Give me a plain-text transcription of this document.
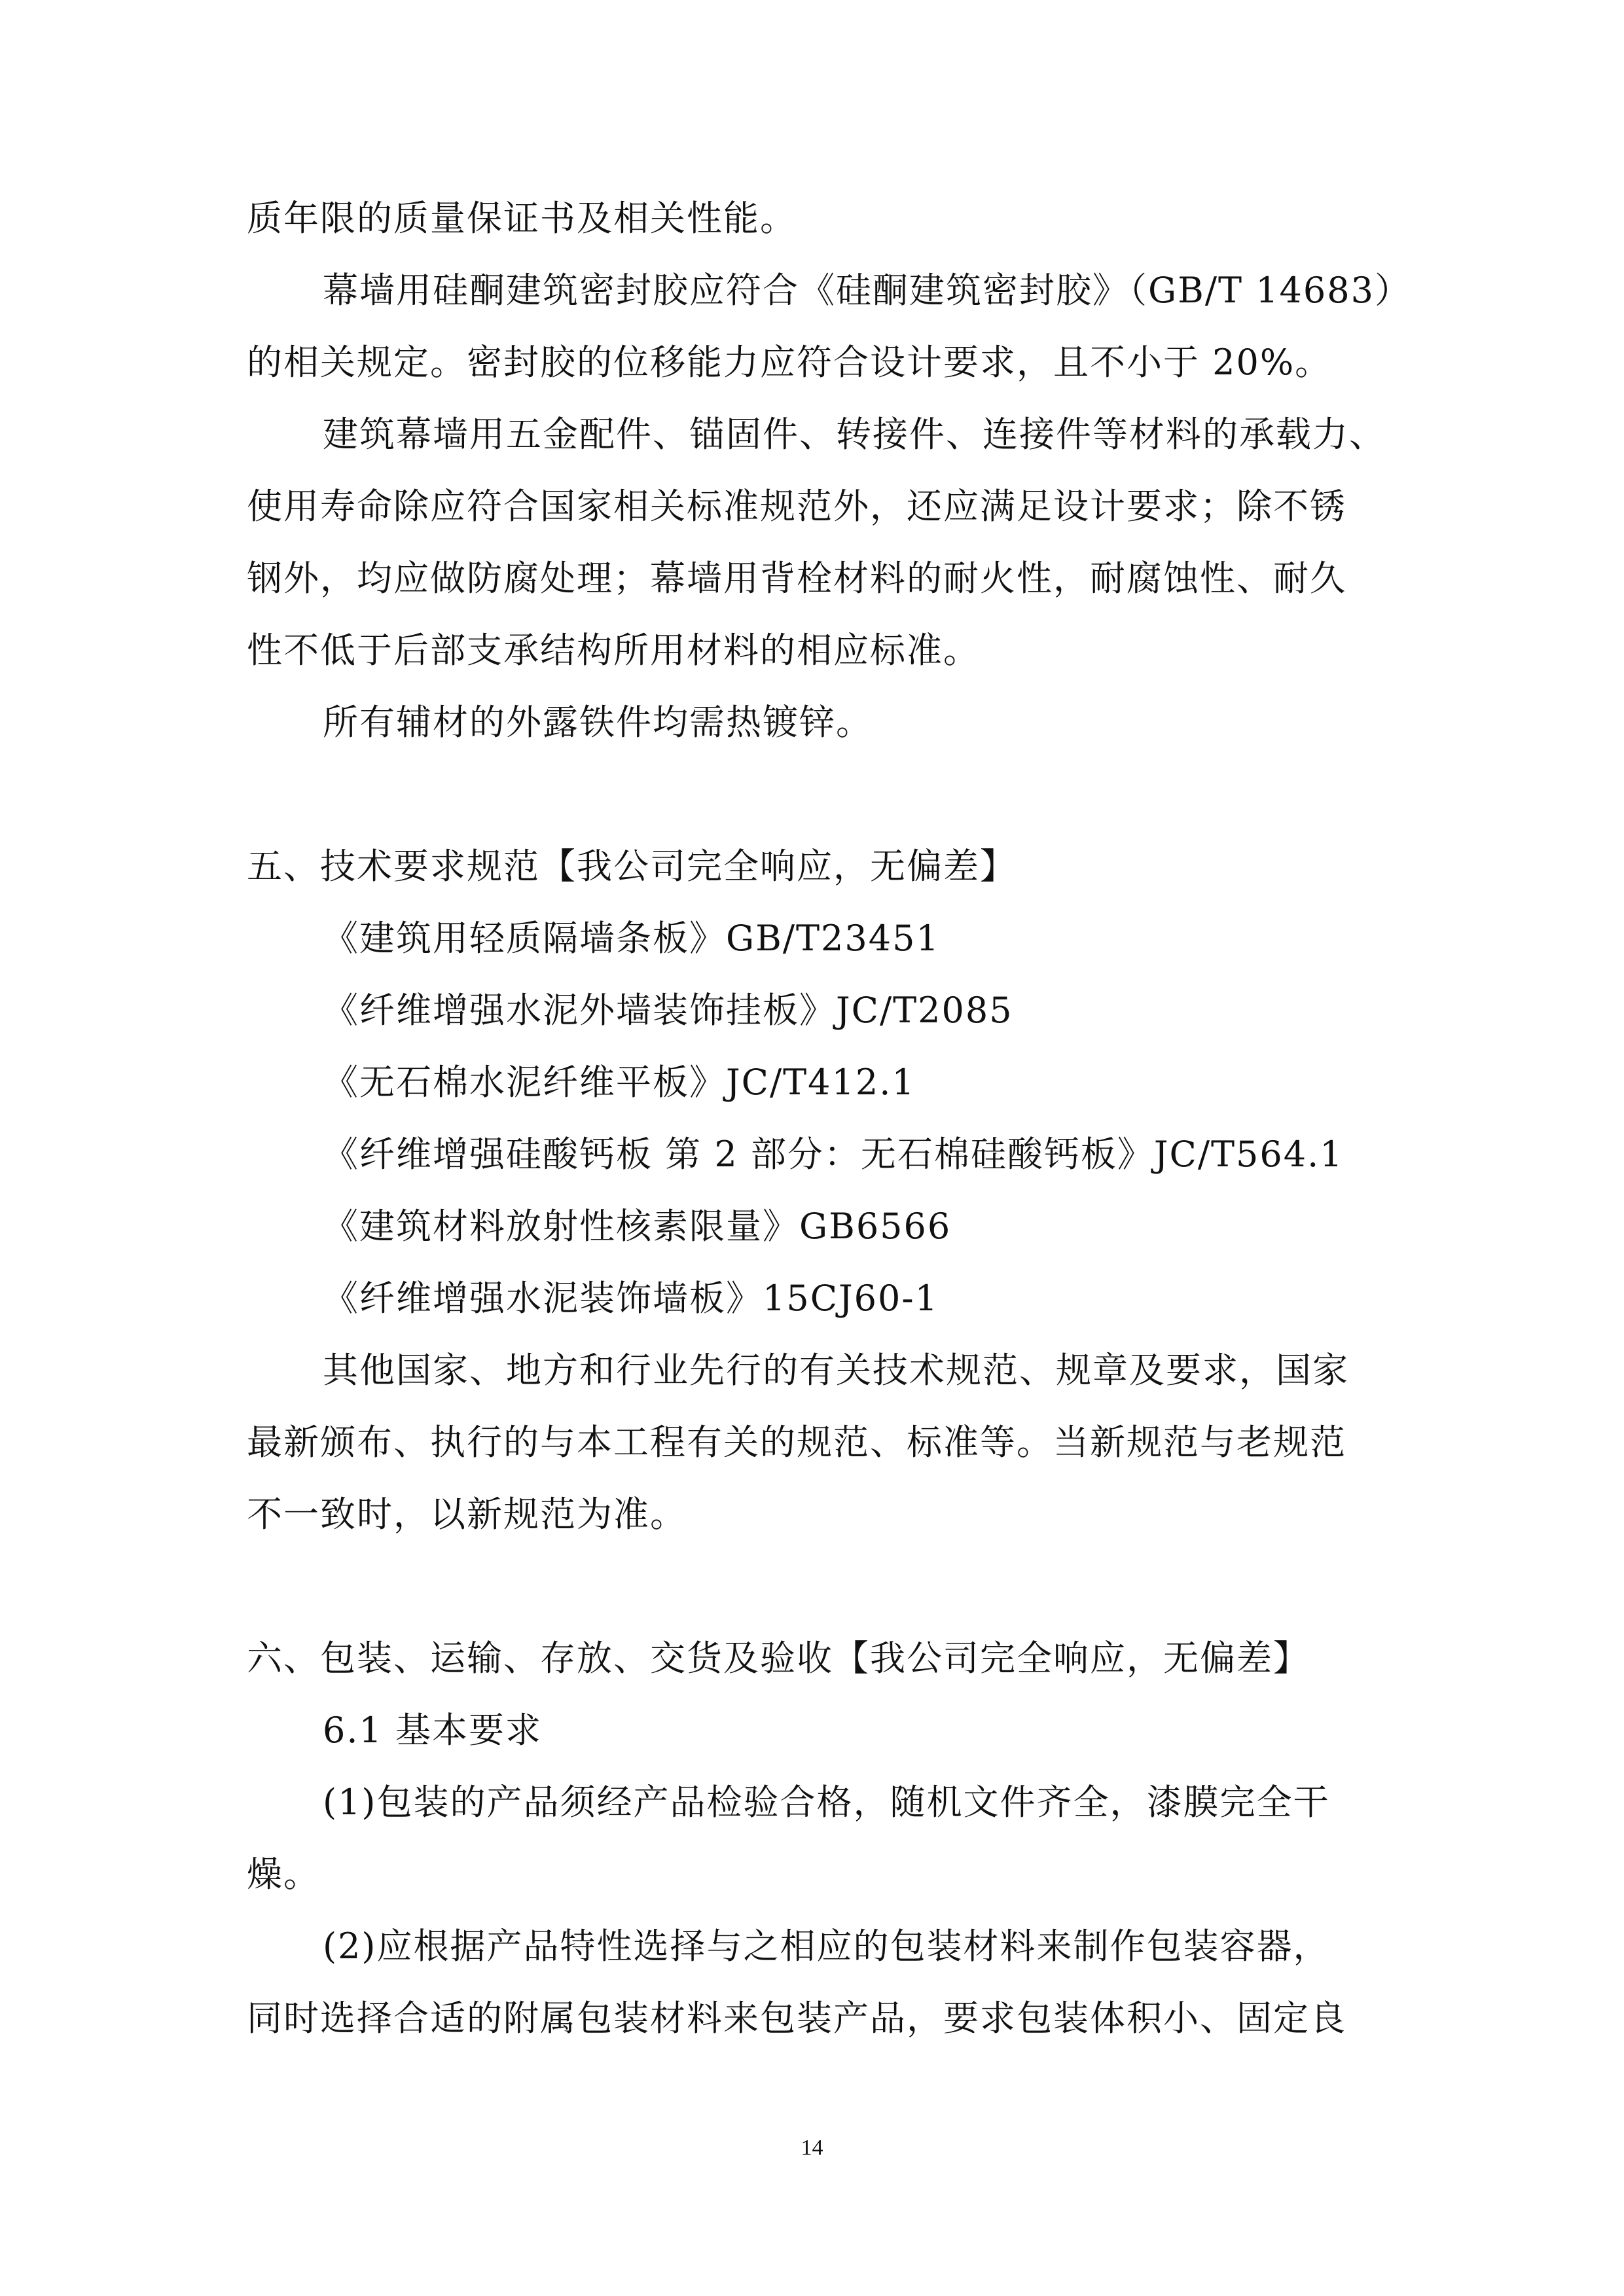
质年限的质量保证书及相关性能。
幕墙用硅酮建筑密封胶应符合《硅酮建筑密封胶》（GB/T 14683）
的相关规定。密封胶的位移能力应符合设计要求，且不小于 20%。
建筑幕墙用五金配件、锚固件、转接件、连接件等材料的承载力、
使用寿命除应符合国家相关标准规范外，还应满足设计要求；除不锈
钢外，均应做防腐处理；幕墙用背栓材料的耐火性，耐腐蚀性、耐久
性不低于后部支承结构所用材料的相应标准。
所有辅材的外露铁件均需热镀锌。
五、技术要求规范【我公司完全响应，无偏差】
《建筑用轻质隔墙条板》GB/T23451
《纤维增强水泥外墙装饰挂板》JC/T2085
《无石棉水泥纤维平板》JC/T412.1
《纤维增强硅酸钙板 第 2 部分：无石棉硅酸钙板》JC/T564.1
《建筑材料放射性核素限量》GB6566
《纤维增强水泥装饰墙板》15CJ60-1
其他国家、地方和行业先行的有关技术规范、规章及要求，国家
最新颁布、执行的与本工程有关的规范、标准等。当新规范与老规范
不一致时，以新规范为准。
六、包装、运输、存放、交货及验收【我公司完全响应，无偏差】
6.1 基本要求
(1)包装的产品须经产品检验合格，随机文件齐全，漆膜完全干
燥。
(2)应根据产品特性选择与之相应的包装材料来制作包装容器，
同时选择合适的附属包装材料来包装产品，要求包装体积小、固定良
14
